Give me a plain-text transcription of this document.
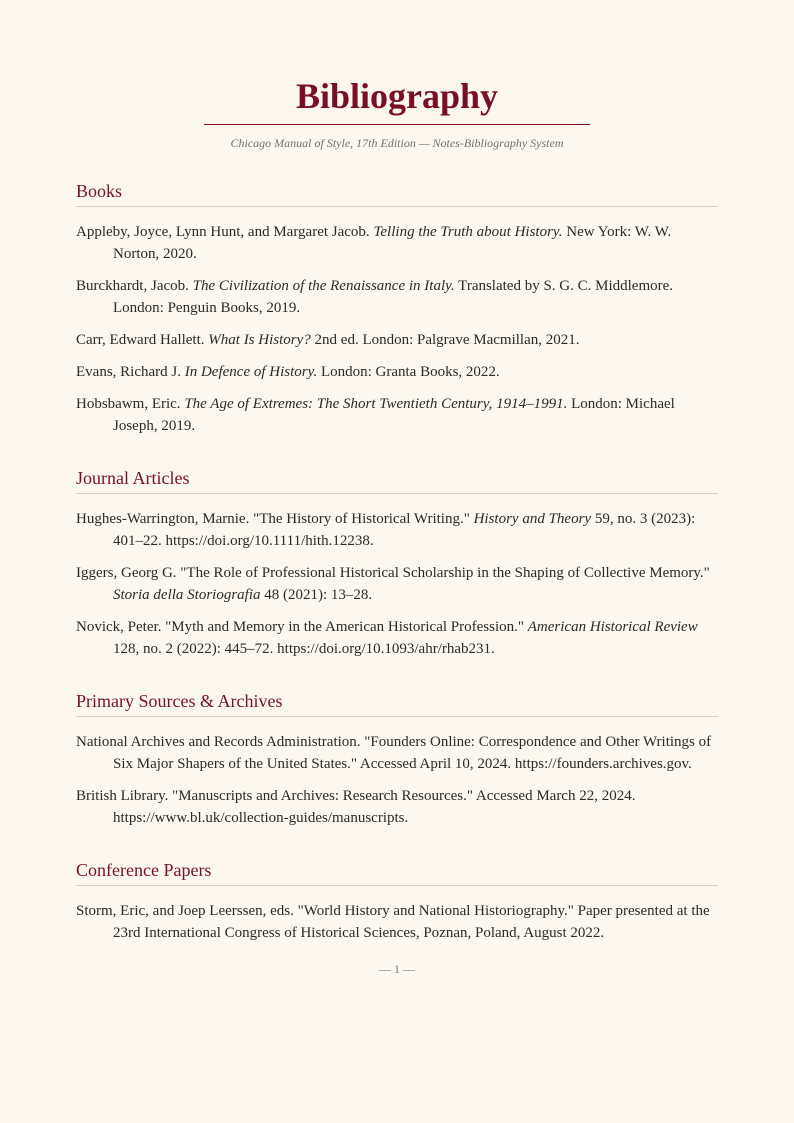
Bibliography
Chicago Manual of Style, 17th Edition — Notes-Bibliography System
Books

Appleby, Joyce, Lynn Hunt, and Margaret Jacob. Telling the Truth about History. New York: W. W. Norton, 2020.

Burckhardt, Jacob. The Civilization of the Renaissance in Italy. Translated by S. G. C. Middlemore. London: Penguin Books, 2019.

Carr, Edward Hallett. What Is History? 2nd ed. London: Palgrave Macmillan, 2021.

Evans, Richard J. In Defence of History. London: Granta Books, 2022.

Hobsbawm, Eric. The Age of Extremes: The Short Twentieth Century, 1914–1991. London: Michael Joseph, 2019.

Journal Articles

Hughes-Warrington, Marnie. "The History of Historical Writing." History and Theory 59, no. 3 (2023): 401–22. https://doi.org/10.1111/hith.12238.

Iggers, Georg G. "The Role of Professional Historical Scholarship in the Shaping of Collective Memory." Storia della Storiografia 48 (2021): 13–28.

Novick, Peter. "Myth and Memory in the American Historical Profession." American Historical Review 128, no. 2 (2022): 445–72. https://doi.org/10.1093/ahr/rhab231.

Primary Sources & Archives

National Archives and Records Administration. "Founders Online: Correspondence and Other Writings of Six Major Shapers of the United States." Accessed April 10, 2024. https://founders.archives.gov.

British Library. "Manuscripts and Archives: Research Resources." Accessed March 22, 2024. https://www.bl.uk/collection-guides/manuscripts.

Conference Papers

Storm, Eric, and Joep Leerssen, eds. "World History and National Historiography." Paper presented at the 23rd International Congress of Historical Sciences, Poznan, Poland, August 2022.

— 1 —
